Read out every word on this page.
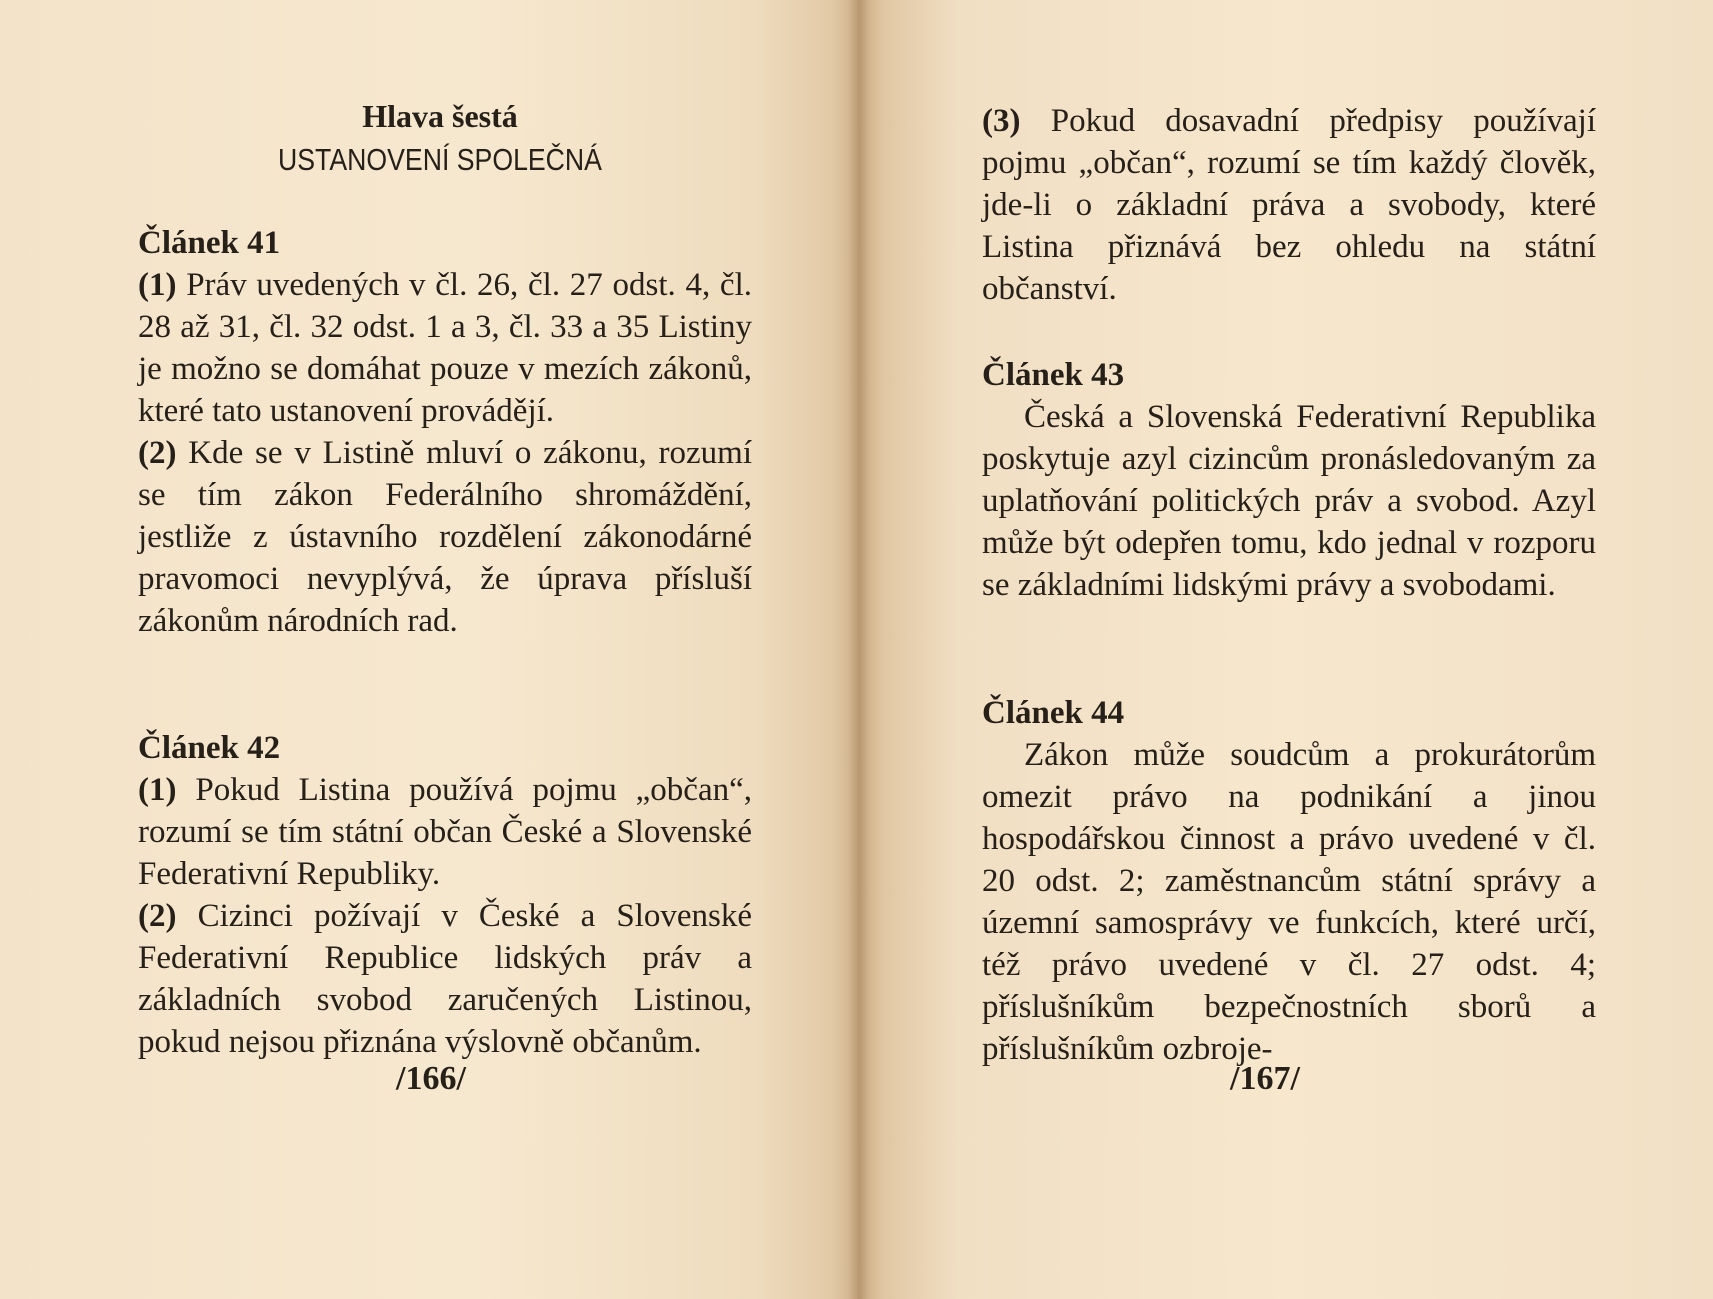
Hlava šestá

USTANOVENÍ SPOLEČNÁ

Článek 41

(1) Práv uvedených v čl. 26, čl. 27 odst. 4, čl. 28 až 31, čl. 32 odst. 1 a 3, čl. 33 a 35 Listiny je možno se domáhat pouze v mezích zákonů, které tato ustanovení provádějí.

(2) Kde se v Listině mluví o zákonu, rozumí se tím zákon Federálního shromáždění, jestliže z ústavního rozdělení zákonodárné pravomoci nevyplývá, že úprava přísluší zákonům národních rad.

Článek 42

(1) Pokud Listina používá pojmu „občan“, rozumí se tím státní občan České a Slovenské Federativní Republiky.

(2) Cizinci požívají v České a Slovenské Federativní Republice lidských práv a základních svobod zaručených Listinou, pokud nejsou přiznána výslovně občanům.

/166/

(3) Pokud dosavadní předpisy používají pojmu „občan“, rozumí se tím každý člověk, jde-li o základní práva a svobody, které Listina přiznává bez ohledu na státní občanství.

Článek 43

Česká a Slovenská Federativní Republika poskytuje azyl cizincům pronásledovaným za uplatňování politických práv a svobod. Azyl může být odepřen tomu, kdo jednal v rozporu se základními lidskými právy a svobodami.

Článek 44

Zákon může soudcům a prokurátorům omezit právo na podnikání a jinou hospodářskou činnost a právo uvedené v čl. 20 odst. 2; zaměstnancům státní správy a územní samosprávy ve funkcích, které určí, též právo uvedené v čl. 27 odst. 4; příslušníkům bezpečnostních sborů a příslušníkům ozbroje-

/167/
